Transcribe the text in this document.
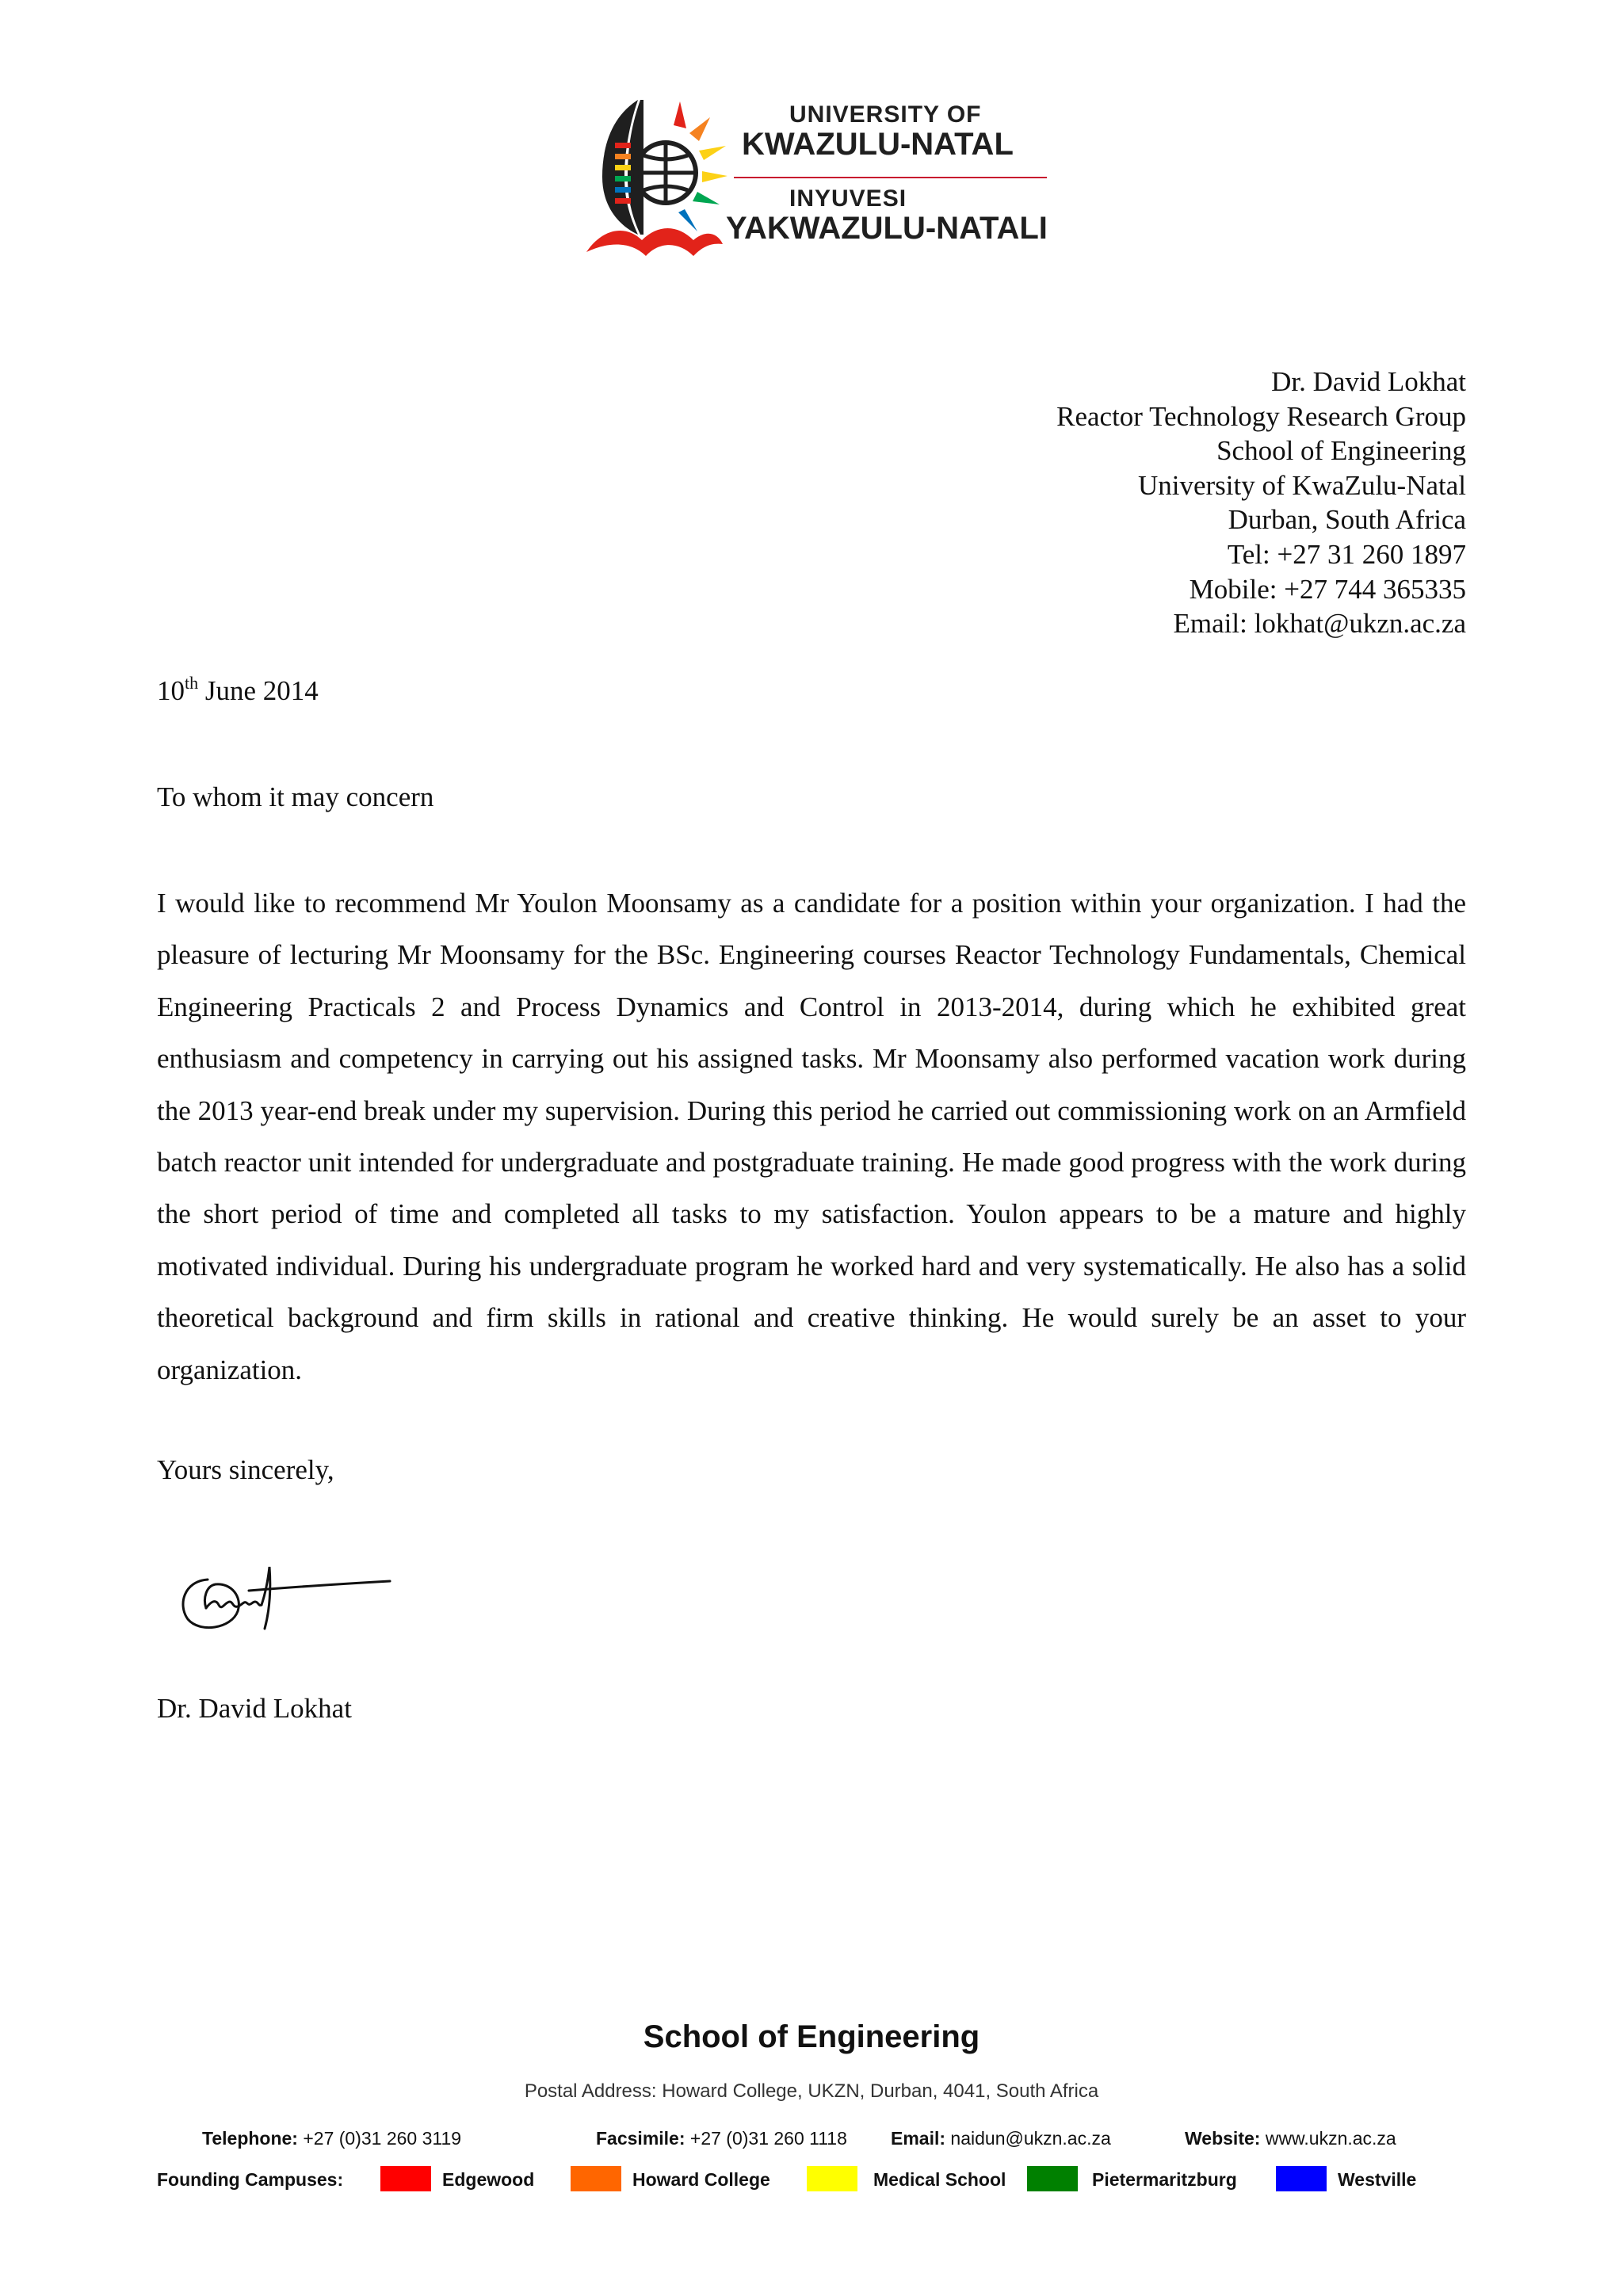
UNIVERSITY OF
KWAZULU-NATAL
INYUVESI
YAKWAZULU-NATALI
Dr. David Lokhat
Reactor Technology Research Group
School of Engineering
University of KwaZulu-Natal
Durban, South Africa
Tel: +27 31 260 1897
Mobile: +27 744 365335
Email: lokhat@ukzn.ac.za
10th June 2014
To whom it may concern
I would like to recommend Mr Youlon Moonsamy as a candidate for a position within your organization. I had the pleasure of lecturing Mr Moonsamy for the BSc. Engineering courses Reactor Technology Fundamentals, Chemical Engineering Practicals 2 and Process Dynamics and Control in 2013-2014, during which he exhibited great enthusiasm and competency in carrying out his assigned tasks. Mr Moonsamy also performed vacation work during the 2013 year-end break under my supervision. During this period he carried out commissioning work on an Armfield batch reactor unit intended for undergraduate and postgraduate training. He made good progress with the work during the short period of time and completed all tasks to my satisfaction. Youlon appears to be a mature and highly motivated individual. During his undergraduate program he worked hard and very systematically. He also has a solid theoretical background and firm skills in rational and creative thinking. He would surely be an asset to your organization.
Yours sincerely,
Dr. David Lokhat
School of Engineering
Postal Address: Howard College, UKZN, Durban, 4041, South Africa
Telephone: +27 (0)31 260 3119	Facsimile: +27 (0)31 260 1118 Email: naidun@ukzn.ac.za	Website: www.ukzn.ac.za
Founding Campuses:	Edgewood	Howard College	Medical School	Pietermaritzburg	Westville
